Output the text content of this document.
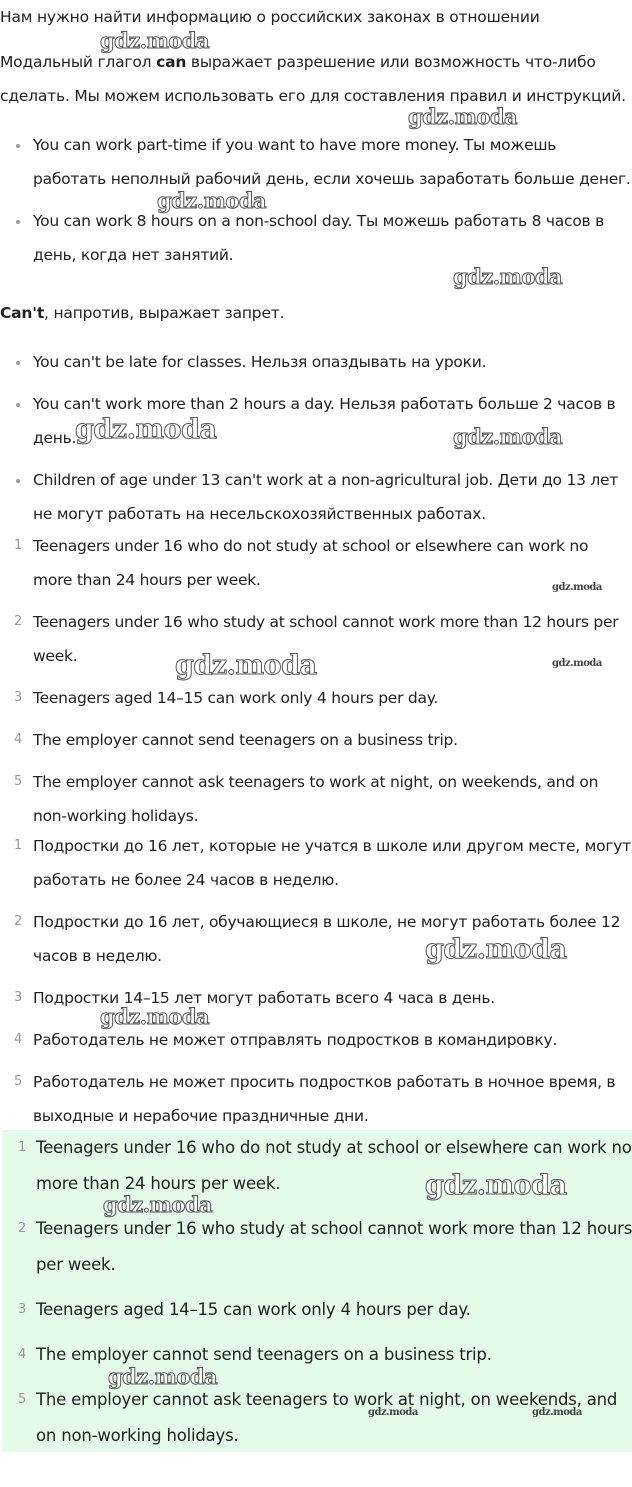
Нам нужно найти информацию о российских законах в отношении

Модальный глагол can выражает разрешение или возможность что-либо сделать. Мы можем использовать его для составления правил и инструкций.

You can work part-time if you want to have more money. Ты можешь работать неполный рабочий день, если хочешь заработать больше денег.
You can work 8 hours on a non-school day. Ты можешь работать 8 часов в день, когда нет занятий.

Can't, напротив, выражает запрет.

You can't be late for classes. Нельзя опаздывать на уроки.
You can't work more than 2 hours a day. Нельзя работать больше 2 часов в день.
Children of age under 13 can't work at a non-agricultural job. Дети до 13 лет не могут работать на несельскохозяйственных работах.
1 Teenagers under 16 who do not study at school or elsewhere can work no more than 24 hours per week.
2 Teenagers under 16 who study at school cannot work more than 12 hours per week.
3 Teenagers aged 14–15 can work only 4 hours per day.
4 The employer cannot send teenagers on a business trip.
5 The employer cannot ask teenagers to work at night, on weekends, and on non-working holidays.
1 Подростки до 16 лет, которые не учатся в школе или другом месте, могут работать не более 24 часов в неделю.
2 Подростки до 16 лет, обучающиеся в школе, не могут работать более 12 часов в неделю.
3 Подростки 14–15 лет могут работать всего 4 часа в день.
4 Работодатель не может отправлять подростков в командировку.
5 Работодатель не может просить подростков работать в ночное время, в выходные и нерабочие праздничные дни.
1 Teenagers under 16 who do not study at school or elsewhere can work no more than 24 hours per week.
2 Teenagers under 16 who study at school cannot work more than 12 hours per week.
3 Teenagers aged 14–15 can work only 4 hours per day.
4 The employer cannot send teenagers on a business trip.
5 The employer cannot ask teenagers to work at night, on weekends, and on non-working holidays.
gdz.moda
gdz.moda
gdz.moda
gdz.moda
gdz.moda	gdz.moda
gdz.moda
gdz.moda	gdz.moda
gdz.moda
gdz.moda
gdz.moda
gdz.moda
gdz.moda
gdz.moda	gdz.moda
